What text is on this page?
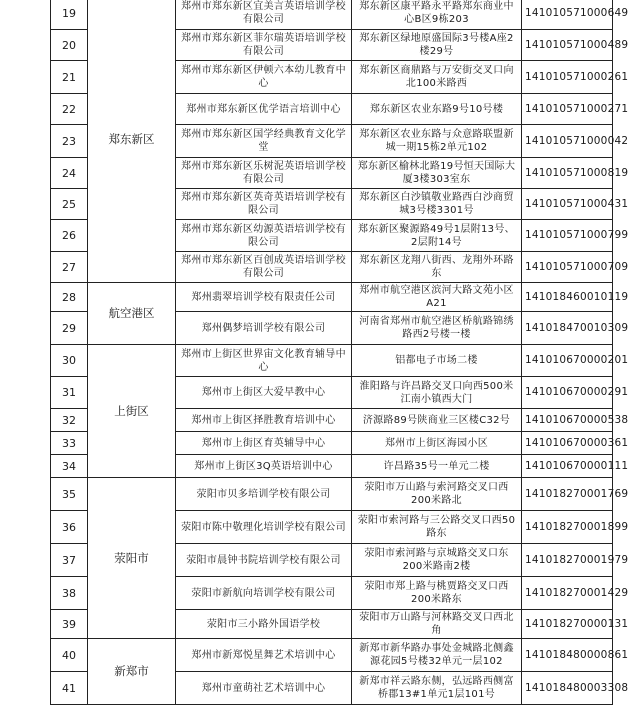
19	郑东新区	郑州市郑东新区宜美言英语培训学校有限公司	郑东新区康平路永平路郑东商业中心B区9栋203	141010571000649
20		郑州市郑东新区菲尔瑞英语培训学校有限公司	郑东新区绿地原盛国际3号楼A座2楼29号	141010571000489
21		郑州市郑东新区伊顿六本幼儿教育中心	郑东新区商鼎路与万安街交叉口向北100米路西	141010571000261
22		郑州市郑东新区优学语言培训中心	郑东新区农业东路9号10号楼	141010571000271
23		郑州市郑东新区国学经典教育文化学堂	郑东新区农业东路与众意路联盟新城一期15栋2单元102	141010571000042
24		郑州市郑东新区乐树泥英语培训学校有限公司	郑东新区榆林北路19号恒天国际大厦3楼303室东	141010571000819
25		郑州市郑东新区英奇英语培训学校有限公司	郑东新区白沙镇敬业路西白沙商贸城3号楼3301号	141010571000431
26		郑州市郑东新区幼源英语培训学校有限公司	郑东新区聚源路49号1层附13号、2层附14号	141010571000799
27		郑州市郑东新区百创成英语培训学校有限公司	郑东新区龙翔八街西、龙翔外环路东	141010571000709
28	航空港区	郑州翡翠培训学校有限责任公司	郑州市航空港区滨河大路文苑小区A21	141018460010119
29		郑州偶梦培训学校有限公司	河南省郑州市航空港区桥航路锦绣路西2号楼一楼	141018470010309
30	上街区	郑州市上街区世界宙文化教育辅导中心	铝都电子市场二楼	141010670000201
31		郑州市上街区大爱早教中心	淮阳路与许昌路交叉口向西500米江南小镇西大门	141010670000291
32		郑州市上街区择胜教育培训中心	济源路89号陕商业三区楼C32号	141010670000538
33		郑州市上街区育英辅导中心	郑州市上街区海园小区	141010670000361
34		郑州市上街区3Q英语培训中心	许昌路35号一单元二楼	141010670000111
35	荥阳市	荥阳市贝多培训学校有限公司	荥阳市万山路与索河路交叉口西200米路北	141018270001769
36		荥阳市陈中敬理化培训学校有限公司	荥阳市索河路与三公路交叉口西50路东	141018270001899
37		荥阳市晨钟书院培训学校有限公司	荥阳市索河路与京城路交叉口东200米路南2楼	141018270001979
38		荥阳市新航向培训学校有限公司	荥阳市郑上路与桃贾路交叉口西200米路东	141018270001429
39		荥阳市三小路外国语学校	荥阳市万山路与河林路交叉口西北角	141018270000131
40	新郑市	郑州市新郑悦星舞艺术培训中心	新郑市新华路办事处金城路北侧鑫源花园5号楼32单元一层102	141018480000861
41		郑州市童萌社艺术培训中心	新郑市祥云路东侧，弘远路西侧富桥郡13#1单元1层101号	141018480003308
